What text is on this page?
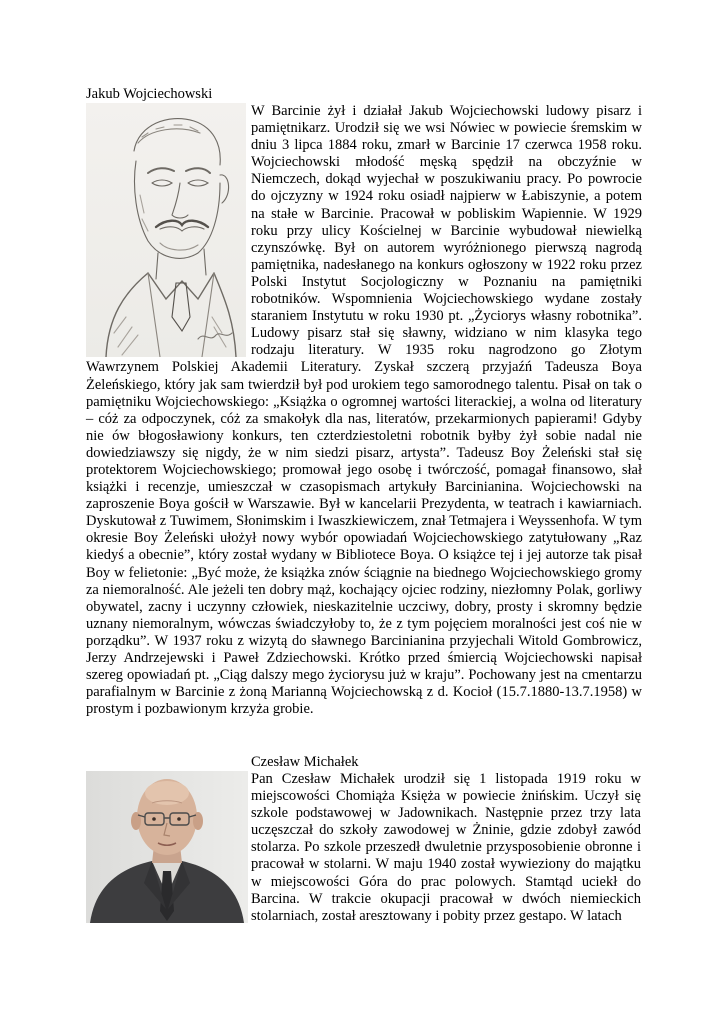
Jakub Wojciechowski

W Barcinie żył i działał Jakub Wojciechowski ludowy pisarz i pamiętnikarz. Urodził się we wsi Nówiec w powiecie śremskim w dniu 3 lipca 1884 roku, zmarł w Barcinie 17 czerwca 1958 roku. Wojciechowski młodość męską spędził na obczyźnie w Niemczech, dokąd wyjechał w poszukiwaniu pracy. Po powrocie do ojczyzny w 1924 roku osiadł najpierw w Łabiszynie, a potem na stałe w Barcinie. Pracował w pobliskim Wapiennie. W 1929 roku przy ulicy Kościelnej w Barcinie wybudował niewielką czynszówkę. Był on autorem wyróżnionego pierwszą nagrodą pamiętnika, nadesłanego na konkurs ogłoszony w 1922 roku przez Polski Instytut Socjologiczny w Poznaniu na pamiętniki robotników. Wspomnienia Wojciechowskiego wydane zostały staraniem Instytutu w roku 1930 pt. „Życiorys własny robotnika”. Ludowy pisarz stał się sławny, widziano w nim klasyka tego rodzaju literatury. W 1935 roku nagrodzono go Złotym Wawrzynem Polskiej Akademii Literatury. Zyskał szczerą przyjaźń Tadeusza Boya Żeleńskiego, który jak sam twierdził był pod urokiem tego samorodnego talentu. Pisał on tak o pamiętniku Wojciechowskiego: „Książka o ogromnej wartości literackiej, a wolna od literatury – cóż za odpoczynek, cóż za smakołyk dla nas, literatów, przekarmionych papierami! Gdyby nie ów błogosławiony konkurs, ten czterdziestoletni robotnik byłby żył sobie nadal nie dowiedziawszy się nigdy, że w nim siedzi pisarz, artysta”. Tadeusz Boy Żeleński stał się protektorem Wojciechowskiego; promował jego osobę i twórczość, pomagał finansowo, słał książki i recenzje, umieszczał w czasopismach artykuły Barcinianina. Wojciechowski na zaproszenie Boya gościł w Warszawie. Był w kancelarii Prezydenta, w teatrach i kawiarniach. Dyskutował z Tuwimem, Słonimskim i Iwaszkiewiczem, znał Tetmajera i Weyssenhofa. W tym okresie Boy Żeleński ułożył nowy wybór opowiadań Wojciechowskiego zatytułowany „Raz kiedyś a obecnie”, który został wydany w Bibliotece Boya. O książce tej i jej autorze tak pisał Boy w felietonie: „Być może, że książka znów ściągnie na biednego Wojciechowskiego gromy za niemoralność. Ale jeżeli ten dobry mąż, kochający ojciec rodziny, niezłomny Polak, gorliwy obywatel, zacny i uczynny człowiek, nieskazitelnie uczciwy, dobry, prosty i skromny będzie uznany niemoralnym, wówczas świadczyłoby to, że z tym pojęciem moralności jest coś nie w porządku”. W 1937 roku z wizytą do sławnego Barcinianina przyjechali Witold Gombrowicz, Jerzy Andrzejewski i Paweł Zdziechowski. Krótko przed śmiercią Wojciechowski napisał szereg opowiadań pt. „Ciąg dalszy mego życiorysu już w kraju”. Pochowany jest na cmentarzu parafialnym w Barcinie z żoną Marianną Wojciechowską z d. Kocioł (15.7.1880-13.7.1958) w prostym i pozbawionym krzyża grobie.

Czesław Michałek

Pan Czesław Michałek urodził się 1 listopada 1919 roku w miejscowości Chomiąża Księża w powiecie żnińskim. Uczył się szkole podstawowej w Jadownikach. Następnie przez trzy lata uczęszczał do szkoły zawodowej w Żninie, gdzie zdobył zawód stolarza. Po szkole przeszedł dwuletnie przysposobienie obronne i pracował w stolarni. W maju 1940 został wywieziony do majątku w miejscowości Góra do prac polowych. Stamtąd uciekł do Barcina. W trakcie okupacji pracował w dwóch niemieckich stolarniach, został aresztowany i pobity przez gestapo. W latach
